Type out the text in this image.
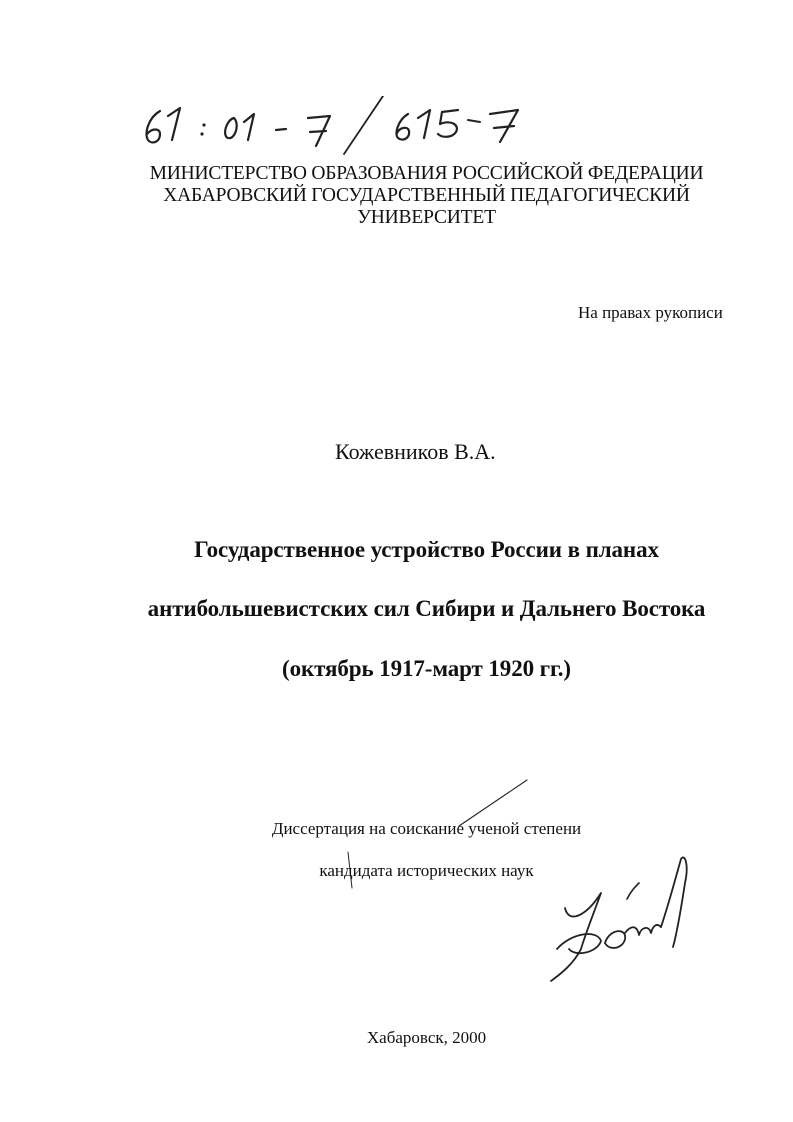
МИНИСТЕРСТВО ОБРАЗОВАНИЯ РОССИЙСКОЙ ФЕДЕРАЦИИ
ХАБАРОВСКИЙ ГОСУДАРСТВЕННЫЙ ПЕДАГОГИЧЕСКИЙ
УНИВЕРСИТЕТ
На правах рукописи
Кожевников В.А.
Государственное устройство России в планах
антибольшевистских сил Сибири и Дальнего Востока
(октябрь 1917-март 1920 гг.)
Диссертация на соискание ученой степени
кандидата исторических наук
Хабаровск, 2000
